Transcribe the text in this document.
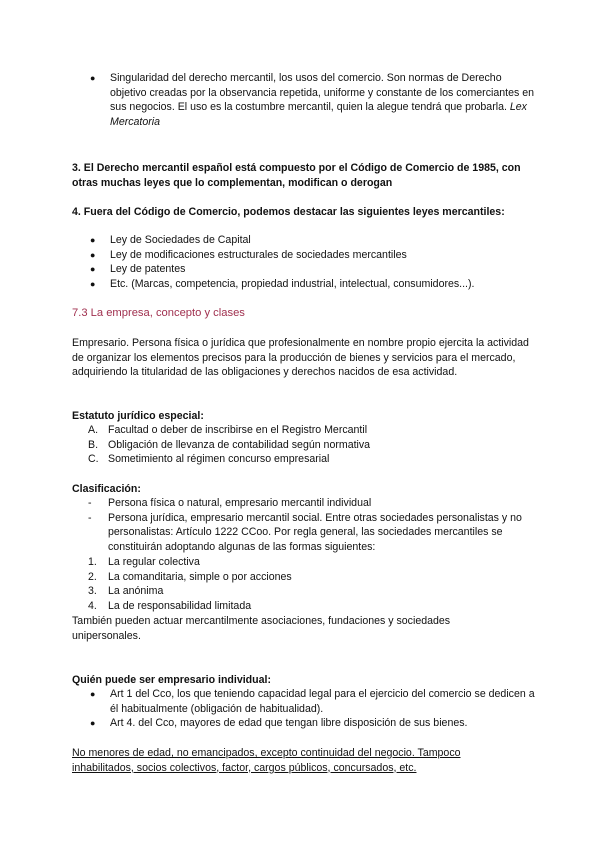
● Singularidad del derecho mercantil, los usos del comercio. Son normas de Derecho objetivo creadas por la observancia repetida, uniforme y constante de los comerciantes en sus negocios. El uso es la costumbre mercantil, quien la alegue tendrá que probarla. Lex Mercatoria
3. El Derecho mercantil español está compuesto por el Código de Comercio de 1985, con otras muchas leyes que lo complementan, modifican o derogan
4. Fuera del Código de Comercio, podemos destacar las siguientes leyes mercantiles:
● Ley de Sociedades de Capital
● Ley de modificaciones estructurales de sociedades mercantiles
● Ley de patentes
● Etc. (Marcas, competencia, propiedad industrial, intelectual, consumidores...).
7.3 La empresa, concepto y clases
Empresario. Persona física o jurídica que profesionalmente en nombre propio ejercita la actividad de organizar los elementos precisos para la producción de bienes y servicios para el mercado, adquiriendo la titularidad de las obligaciones y derechos nacidos de esa actividad.
Estatuto jurídico especial:
A. Facultad o deber de inscribirse en el Registro Mercantil
B. Obligación de llevanza de contabilidad según normativa
C. Sometimiento al régimen concurso empresarial
Clasificación:
- Persona física o natural, empresario mercantil individual
- Persona jurídica, empresario mercantil social. Entre otras sociedades personalistas y no personalistas: Artículo 1222 CCoo. Por regla general, las sociedades mercantiles se constituirán adoptando algunas de las formas siguientes:
1. La regular colectiva
2. La comanditaria, simple o por acciones
3. La anónima
4. La de responsabilidad limitada
También pueden actuar mercantilmente asociaciones, fundaciones y sociedades unipersonales.
Quién puede ser empresario individual:
● Art 1 del Cco, los que teniendo capacidad legal para el ejercicio del comercio se dedicen a él habitualmente (obligación de habitualidad).
● Art 4. del Cco, mayores de edad que tengan libre disposición de sus bienes.
No menores de edad, no emancipados, excepto continuidad del negocio. Tampoco inhabilitados, socios colectivos, factor, cargos públicos, concursados, etc.
